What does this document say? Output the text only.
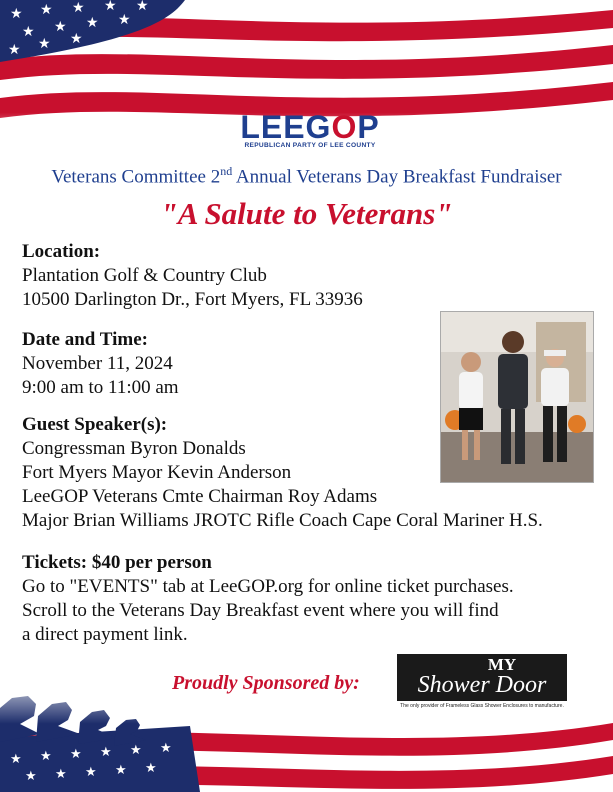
LEEGOP
REPUBLICAN PARTY OF LEE COUNTY
Veterans Committee 2nd Annual Veterans Day Breakfast Fundraiser
"A Salute to Veterans"
Location:
Plantation Golf & Country Club
10500 Darlington Dr., Fort Myers, FL 33936
Date and Time:
November 11, 2024
9:00 am to 11:00 am
Guest Speaker(s):
Congressman Byron Donalds
Fort Myers Mayor Kevin Anderson
LeeGOP Veterans Cmte Chairman Roy Adams
Major Brian Williams JROTC Rifle Coach Cape Coral Mariner H.S.
Tickets: $40 per person
Go to "EVENTS" tab at LeeGOP.org for online ticket purchases.
Scroll to the Veterans Day Breakfast event where you will find
a direct payment link.
Proudly Sponsored by:
MY
Shower Door
The only provider of Frameless Glass Shower Enclosures to manufacture.
